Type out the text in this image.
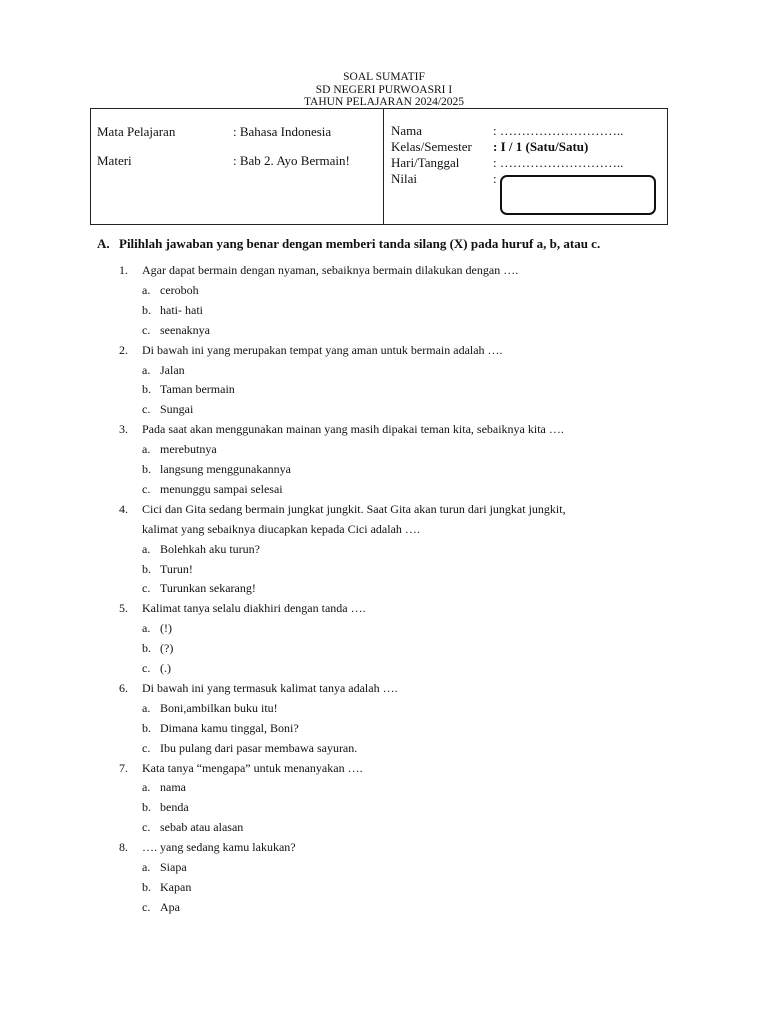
SOAL SUMATIF
SD NEGERI PURWOASRI I
TAHUN PELAJARAN 2024/2025
Mata Pelajaran	: Bahasa Indonesia
Materi	: Bab 2. Ayo Bermain!
Nama	: ………………………..
Kelas/Semester : I / 1 (Satu/Satu)
Hari/Tanggal	: ………………………..
Nilai	:
A. Pilihlah jawaban yang benar dengan memberi tanda silang (X) pada huruf a, b, atau c.
1.	Agar dapat bermain dengan nyaman, sebaiknya bermain dilakukan dengan ….
a. ceroboh
b. hati- hati
c. seenaknya
2.	Di bawah ini yang merupakan tempat yang aman untuk bermain adalah ….
a. Jalan
b. Taman bermain
c. Sungai
3.	Pada saat akan menggunakan mainan yang masih dipakai teman kita, sebaiknya kita ….
a. merebutnya
b. langsung menggunakannya
c. menunggu sampai selesai
4.	Cici dan Gita sedang bermain jungkat jungkit. Saat Gita akan turun dari jungkat jungkit,
kalimat yang sebaiknya diucapkan kepada Cici adalah ….
a. Bolehkah aku turun?
b. Turun!
c. Turunkan sekarang!
5.	Kalimat tanya selalu diakhiri dengan tanda ….
a. (!)
b. (?)
c. (.)
6.	Di bawah ini yang termasuk kalimat tanya adalah ….
a. Boni,ambilkan buku itu!
b. Dimana kamu tinggal, Boni?
c. Ibu pulang dari pasar membawa sayuran.
7.	Kata tanya “mengapa” untuk menanyakan ….
a. nama
b. benda
c. sebab atau alasan
8.	…. yang sedang kamu lakukan?
a. Siapa
b. Kapan
c. Apa
